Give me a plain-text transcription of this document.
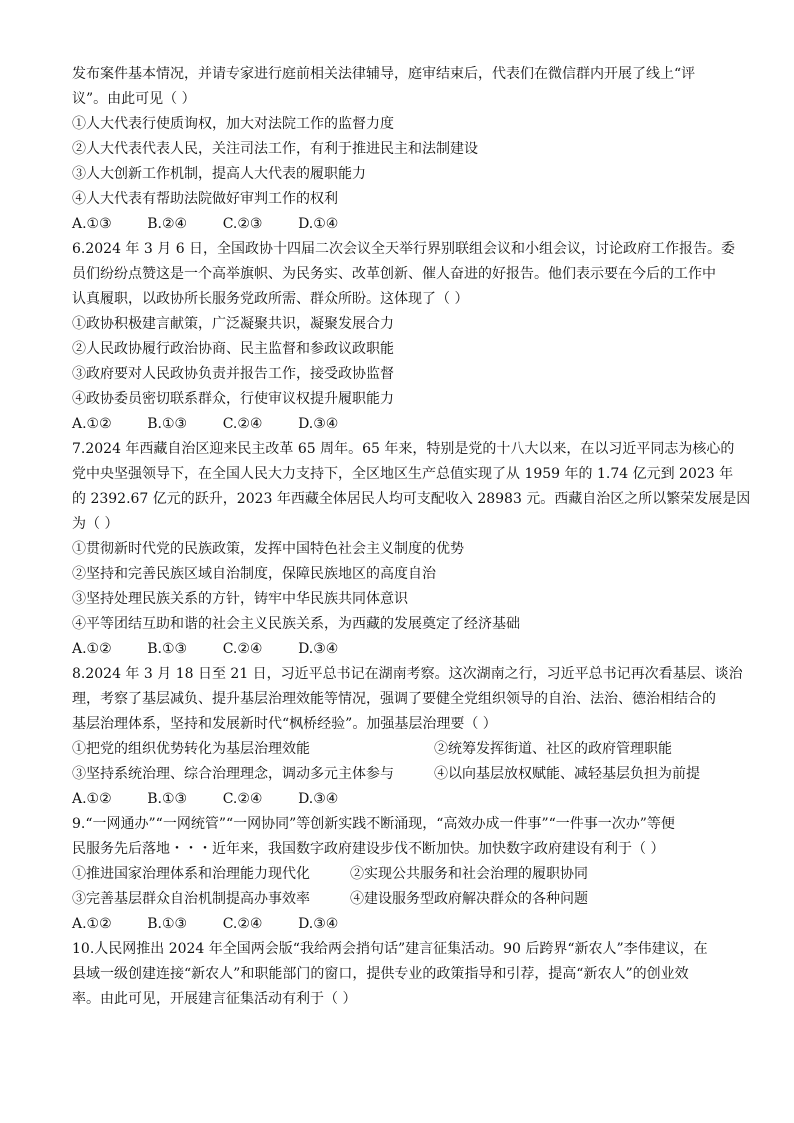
发布案件基本情况，并请专家进行庭前相关法律辅导，庭审结束后，代表们在微信群内开展了线上“评
议”。由此可见（ ）
①人大代表行使质询权，加大对法院工作的监督力度
②人大代表代表人民，关注司法工作，有利于推进民主和法制建设
③人大创新工作机制，提高人大代表的履职能力
④人大代表有帮助法院做好审判工作的权利
A.①③        B.②④        C.②③        D.①④
6.2024 年 3 月 6 日，全国政协十四届二次会议全天举行界别联组会议和小组会议，讨论政府工作报告。委
员们纷纷点赞这是一个高举旗帜、为民务实、改革创新、催人奋进的好报告。他们表示要在今后的工作中
认真履职，以政协所长服务党政所需、群众所盼。这体现了（ ）
①政协积极建言献策，广泛凝聚共识，凝聚发展合力
②人民政协履行政治协商、民主监督和参政议政职能
③政府要对人民政协负责并报告工作，接受政协监督
④政协委员密切联系群众，行使审议权提升履职能力
A.①②        B.①③        C.②④        D.③④
7.2024 年西藏自治区迎来民主改革 65 周年。65 年来，特别是党的十八大以来，在以习近平同志为核心的
党中央坚强领导下，在全国人民大力支持下，全区地区生产总值实现了从 1959 年的 1.74 亿元到 2023 年
的 2392.67 亿元的跃升，2023 年西藏全体居民人均可支配收入 28983 元。西藏自治区之所以繁荣发展是因
为（ ）
①贯彻新时代党的民族政策，发挥中国特色社会主义制度的优势
②坚持和完善民族区域自治制度，保障民族地区的高度自治
③坚持处理民族关系的方针，铸牢中华民族共同体意识
④平等团结互助和谐的社会主义民族关系，为西藏的发展奠定了经济基础
A.①②        B.①③        C.②④        D.③④
8.2024 年 3 月 18 日至 21 日，习近平总书记在湖南考察。这次湖南之行，习近平总书记再次看基层、谈治
理，考察了基层减负、提升基层治理效能等情况，强调了要健全党组织领导的自治、法治、德治相结合的
基层治理体系，坚持和发展新时代“枫桥经验”。加强基层治理要（ ）
①把党的组织优势转化为基层治理效能	②统筹发挥街道、社区的政府管理职能
③坚持系统治理、综合治理理念，调动多元主体参与	④以向基层放权赋能、减轻基层负担为前提
A.①②        B.①③        C.②④        D.③④
9.“一网通办”“一网统管”“一网协同”等创新实践不断涌现，“高效办成一件事”“一件事一次办”等便
民服务先后落地・・・近年来，我国数字政府建设步伐不断加快。加快数字政府建设有利于（ ）
①推进国家治理体系和治理能力现代化	②实现公共服务和社会治理的履职协同
③完善基层群众自治机制提高办事效率	④建设服务型政府解决群众的各种问题
A.①②        B.①③        C.②④        D.③④
10.人民网推出 2024 年全国两会版“我给两会捎句话”建言征集活动。90 后跨界“新农人”李伟建议，在
县域一级创建连接“新农人”和职能部门的窗口，提供专业的政策指导和引荐，提高“新农人”的创业效
率。由此可见，开展建言征集活动有利于（ ）
